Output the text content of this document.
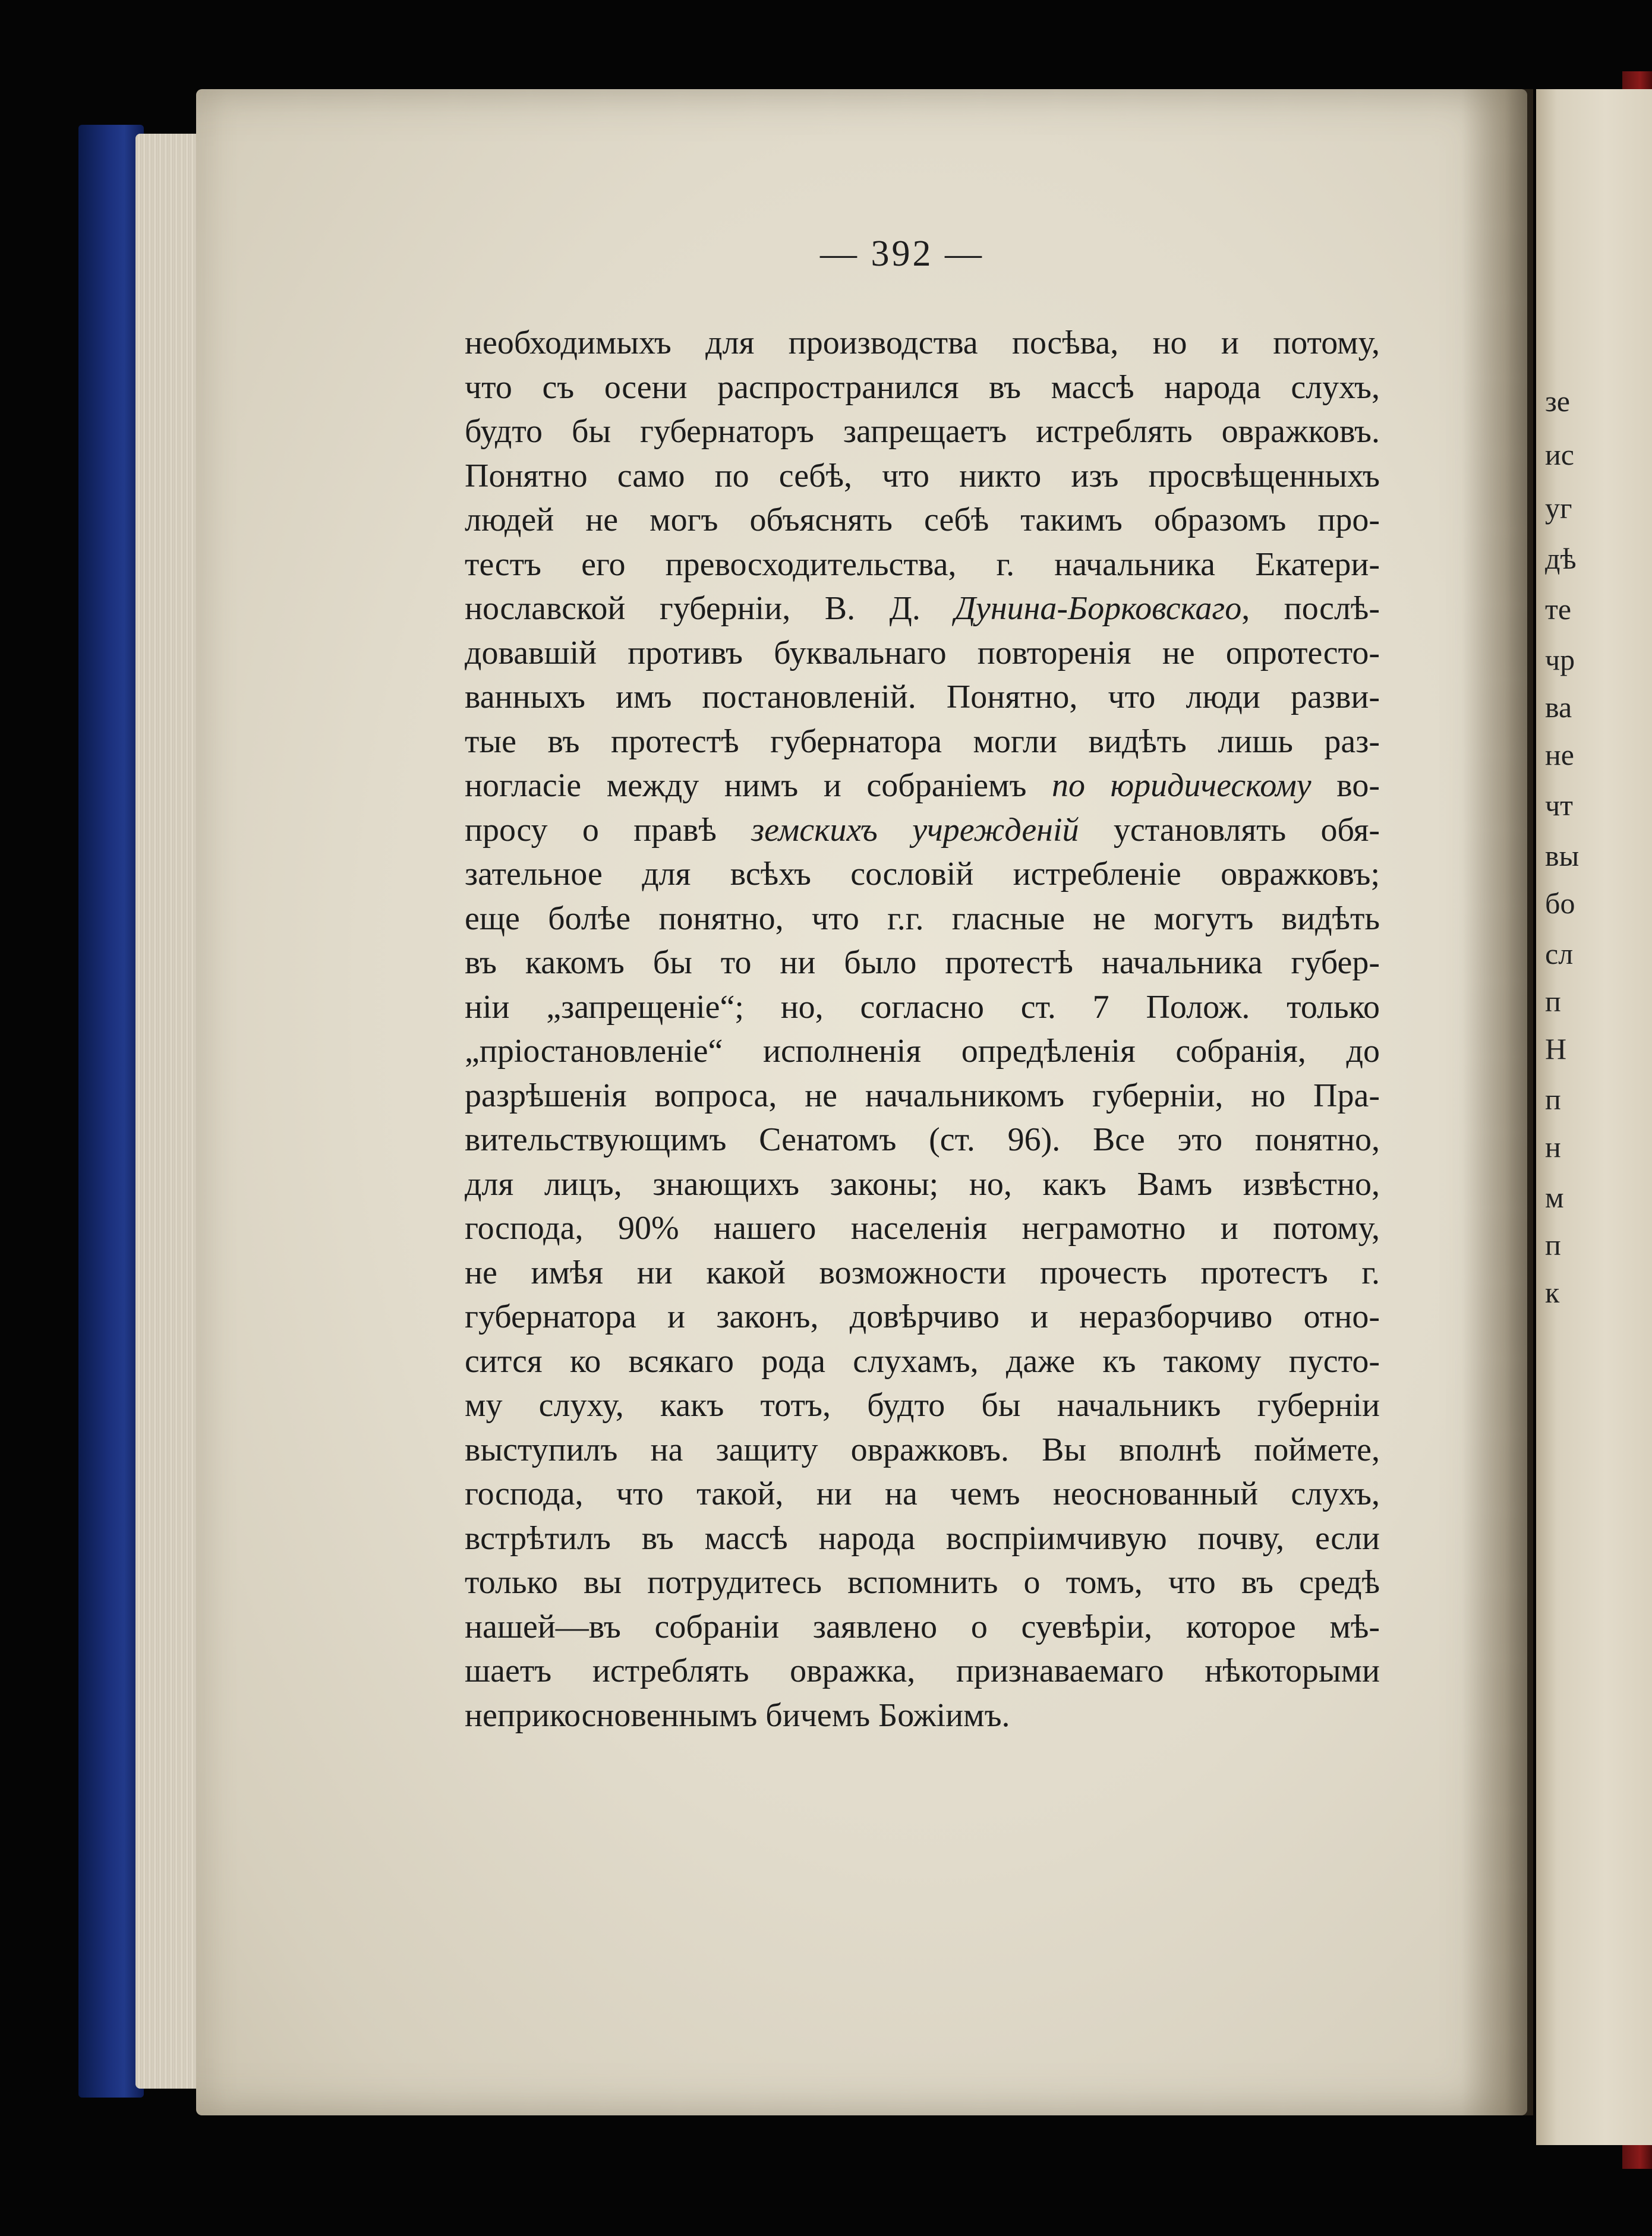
зе
ис
уг
дѣ
те
чр
ва
не
чт
вы
бо
сл
п
Н
п
н
м
п
к
— 392 —
необходимыхъ для производства посѣва, но и потому,
что съ осени распространился въ массѣ народа слухъ,
будто бы губернаторъ запрещаетъ истреблять овражковъ.
Понятно само по себѣ, что никто изъ просвѣщенныхъ
людей не могъ объяснять себѣ такимъ образомъ про-
тестъ его превосходительства, г. начальника Екатери-
нославской губерніи, В. Д. Дунина-Борковскаго, послѣ-
довавшій противъ буквальнаго повторенія не опротесто-
ванныхъ имъ постановленій. Понятно, что люди разви-
тые въ протестѣ губернатора могли видѣть лишь раз-
ногласіе между нимъ и собраніемъ по юридическому во-
просу о правѣ земскихъ учрежденій установлять обя-
зательное для всѣхъ сословій истребленіе овражковъ;
еще болѣе понятно, что г.г. гласные не могутъ видѣть
въ какомъ бы то ни было протестѣ начальника губер-
ніи „запрещеніе“; но, согласно ст. 7 Полож. только
„пріостановленіе“ исполненія опредѣленія собранія, до
разрѣшенія вопроса, не начальникомъ губерніи, но Пра-
вительствующимъ Сенатомъ (ст. 96). Все это понятно,
для лицъ, знающихъ законы; но, какъ Вамъ извѣстно,
господа, 90% нашего населенія неграмотно и потому,
не имѣя ни какой возможности прочесть протестъ г.
губернатора и законъ, довѣрчиво и неразборчиво отно-
сится ко всякаго рода слухамъ, даже къ такому пусто-
му слуху, какъ тотъ, будто бы начальникъ губерніи
выступилъ на защиту овражковъ. Вы вполнѣ поймете,
господа, что такой, ни на чемъ неоснованный слухъ,
встрѣтилъ въ массѣ народа воспріимчивую почву, если
только вы потрудитесь вспомнить о томъ, что въ средѣ
нашей—въ собраніи заявлено о суевѣріи, которое мѣ-
шаетъ истреблять овражка, признаваемаго нѣкоторыми
неприкосновеннымъ бичемъ Божіимъ.
